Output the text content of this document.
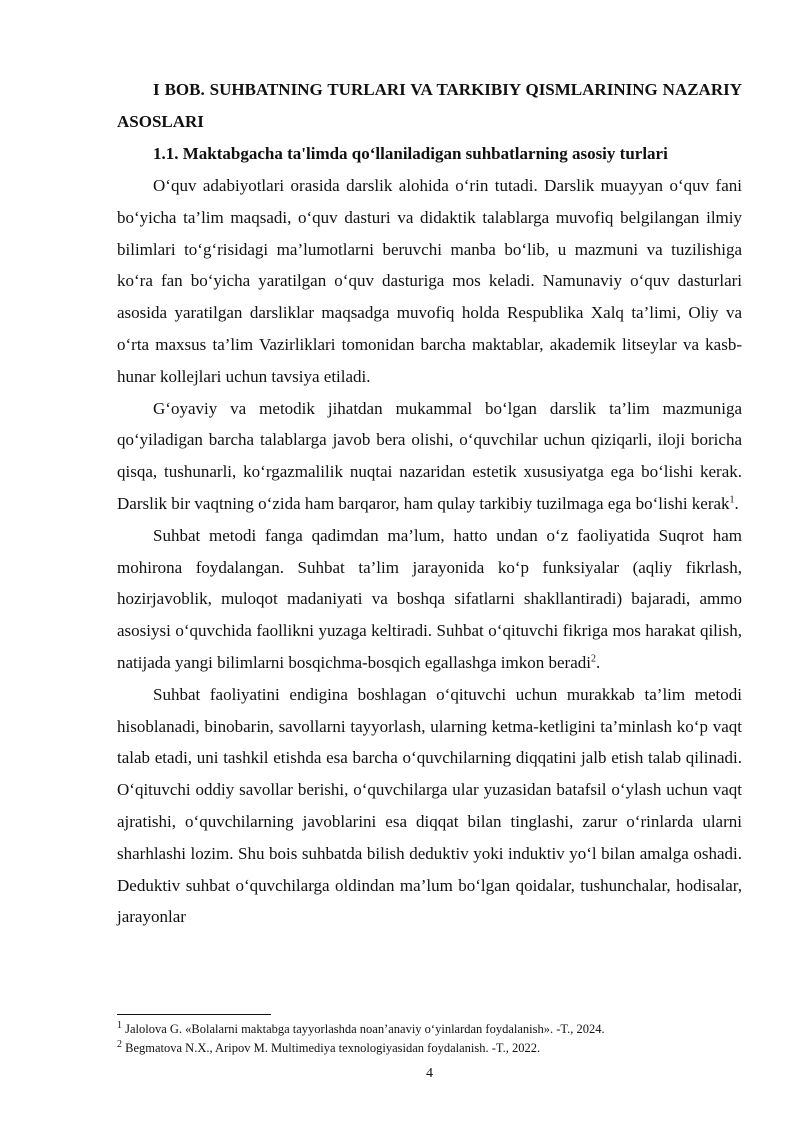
I BOB. SUHBATNING TURLARI VA TARKIBIY QISMLARINING NAZARIY ASOSLARI

1.1. Maktabgacha ta'limda qo‘llaniladigan suhbatlarning asosiy turlari

O‘quv adabiyotlari orasida darslik alohida o‘rin tutadi. Darslik muayyan o‘quv fani bo‘yicha ta’lim maqsadi, o‘quv dasturi va didaktik talablarga muvofiq belgilangan ilmiy bilimlari to‘g‘risidagi ma’lumotlarni beruvchi manba bo‘lib, u mazmuni va tuzilishiga ko‘ra fan bo‘yicha yaratilgan o‘quv dasturiga mos keladi. Namunaviy o‘quv dasturlari asosida yaratilgan darsliklar maqsadga muvofiq holda Respublika Xalq ta’limi, Oliy va o‘rta maxsus ta’lim Vazirliklari tomonidan barcha maktablar, akademik litseylar va kasb-hunar kollejlari uchun tavsiya etiladi.

G‘oyaviy va metodik jihatdan mukammal bo‘lgan darslik ta’lim mazmuniga qo‘yiladigan barcha talablarga javob bera olishi, o‘quvchilar uchun qiziqarli, iloji boricha qisqa, tushunarli, ko‘rgazmalilik nuqtai nazaridan estetik xususiyatga ega bo‘lishi kerak. Darslik bir vaqtning o‘zida ham barqaror, ham qulay tarkibiy tuzilmaga ega bo‘lishi kerak$^1$.

Suhbat metodi fanga qadimdan ma’lum, hatto undan o‘z faoliyatida Suqrot ham mohirona foydalangan. Suhbat ta’lim jarayonida ko‘p funksiyalar (aqliy fikrlash, hozirjavoblik, muloqot madaniyati va boshqa sifatlarni shakllantiradi) bajaradi, ammo asosiysi o‘quvchida faollikni yuzaga keltiradi. Suhbat o‘qituvchi fikriga mos harakat qilish, natijada yangi bilimlarni bosqichma-bosqich egallashga imkon beradi$^2$.

Suhbat faoliyatini endigina boshlagan o‘qituvchi uchun murakkab ta’lim metodi hisoblanadi, binobarin, savollarni tayyorlash, ularning ketma-ketligini ta’minlash ko‘p vaqt talab etadi, uni tashkil etishda esa barcha o‘quvchilarning diqqatini jalb etish talab qilinadi. O‘qituvchi oddiy savollar berishi, o‘quvchilarga ular yuzasidan batafsil o‘ylash uchun vaqt ajratishi, o‘quvchilarning javoblarini esa diqqat bilan tinglashi, zarur o‘rinlarda ularni sharhlashi lozim. Shu bois suhbatda bilish deduktiv yoki induktiv yo‘l bilan amalga oshadi. Deduktiv suhbat o‘quvchilarga oldindan ma’lum bo‘lgan qoidalar, tushunchalar, hodisalar, jarayonlar

$^1$ Jalolova G. «Bolalarni maktabga tayyorlashda noan’anaviy o‘yinlardan foydalanish». -T., 2024.

$^2$ Begmatova N.X., Aripov M. Multimediya texnologiyasidan foydalanish. -T., 2022.

4
